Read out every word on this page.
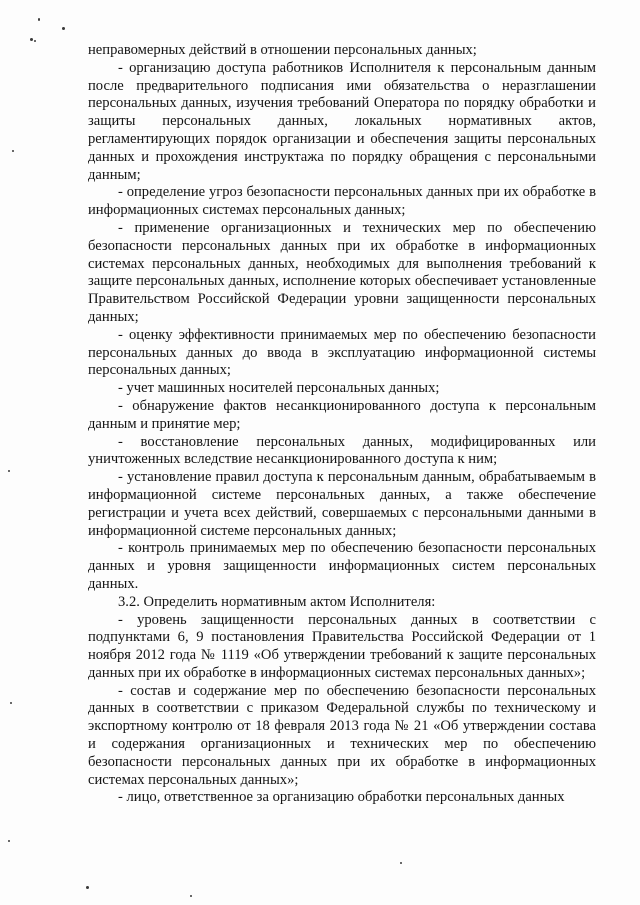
неправомерных действий в отношении персональных данных;

- организацию доступа работников Исполнителя к персональным данным после предварительного подписания ими обязательства о неразглашении персональных данных, изучения требований Оператора по порядку обработки и защиты персональных данных, локальных нормативных актов, регламентирующих порядок организации и обеспечения защиты персональных данных и прохождения инструктажа по порядку обращения с персональными данным;

- определение угроз безопасности персональных данных при их обработке в информационных системах персональных данных;

- применение организационных и технических мер по обеспечению безопасности персональных данных при их обработке в информационных системах персональных данных, необходимых для выполнения требований к защите персональных данных, исполнение которых обеспечивает установленные Правительством Российской Федерации уровни защищенности персональных данных;

- оценку эффективности принимаемых мер по обеспечению безопасности персональных данных до ввода в эксплуатацию информационной системы персональных данных;

- учет машинных носителей персональных данных;

- обнаружение фактов несанкционированного доступа к персональным данным и принятие мер;

- восстановление персональных данных, модифицированных или уничтоженных вследствие несанкционированного доступа к ним;

- установление правил доступа к персональным данным, обрабатываемым в информационной системе персональных данных, а также обеспечение регистрации и учета всех действий, совершаемых с персональными данными в информационной системе персональных данных;

- контроль принимаемых мер по обеспечению безопасности персональных данных и уровня защищенности информационных систем персональных данных.

3.2. Определить нормативным актом Исполнителя:

- уровень защищенности персональных данных в соответствии с подпунктами 6, 9 постановления Правительства Российской Федерации от 1 ноября 2012 года № 1119 «Об утверждении требований к защите персональных данных при их обработке в информационных системах персональных данных»;

- состав и содержание мер по обеспечению безопасности персональных данных в соответствии с приказом Федеральной службы по техническому и экспортному контролю от 18 февраля 2013 года № 21 «Об утверждении состава и содержания организационных и технических мер по обеспечению безопасности персональных данных при их обработке в информационных системах персональных данных»;

- лицо, ответственное за организацию обработки персональных данных
